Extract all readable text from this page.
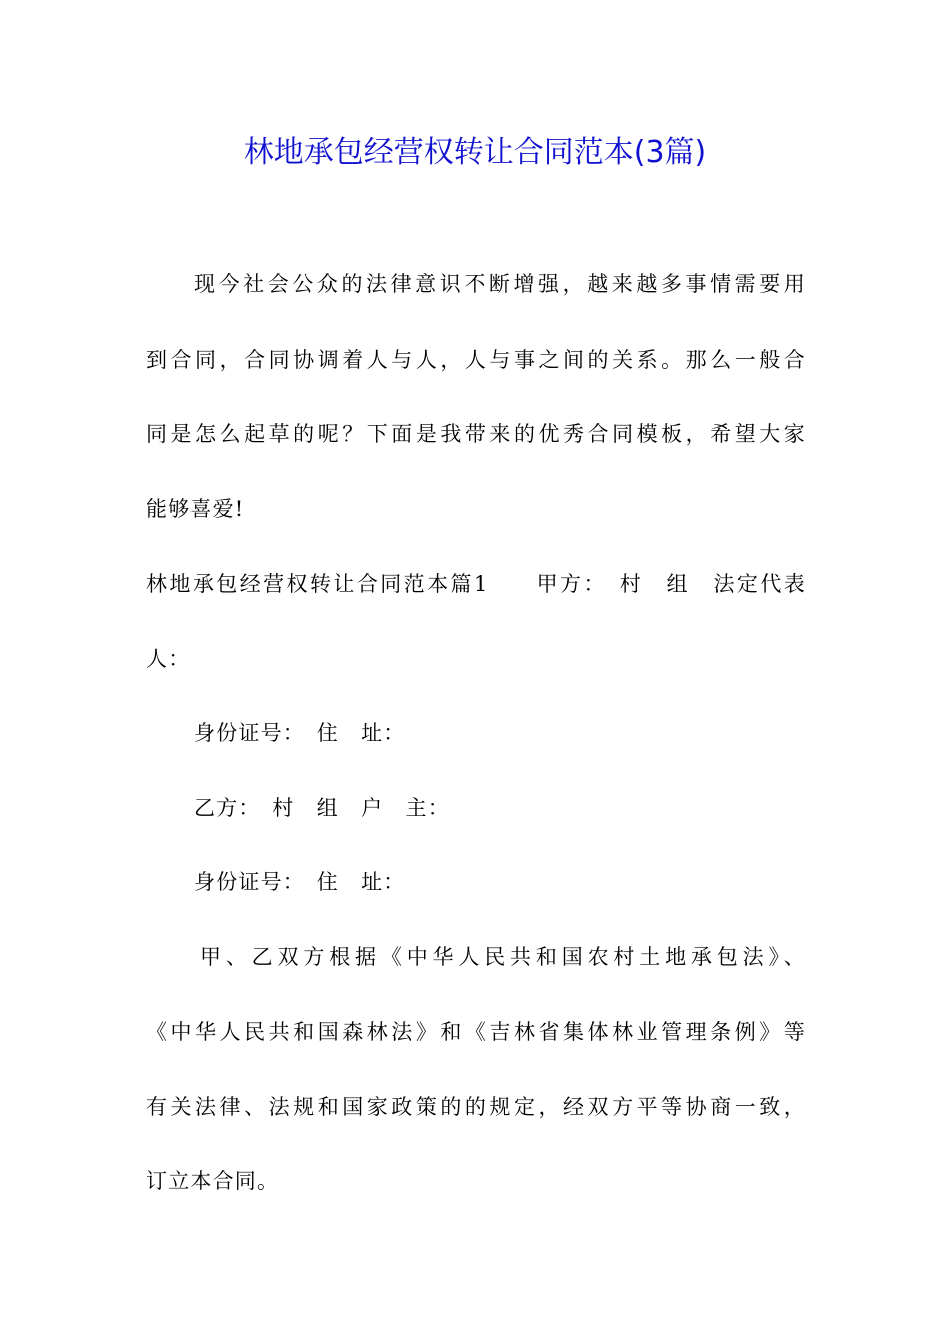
林地承包经营权转让合同范本(3篇)
现今社会公众的法律意识不断增强，越来越多事情需要用
到合同，合同协调着人与人，人与事之间的关系。那么一般合
同是怎么起草的呢？下面是我带来的优秀合同模板，希望大家
能够喜爱!
林地承包经营权转让合同范本篇1　　甲方：　村　组　法定代表
人：
身份证号：　住　址：
乙方：　村　组　户　主：
身份证号：　住　址：
甲、乙双方根据《中华人民共和国农村土地承包法》、
《中华人民共和国森林法》和《吉林省集体林业管理条例》等
有关法律、法规和国家政策的的规定，经双方平等协商一致，
订立本合同。
